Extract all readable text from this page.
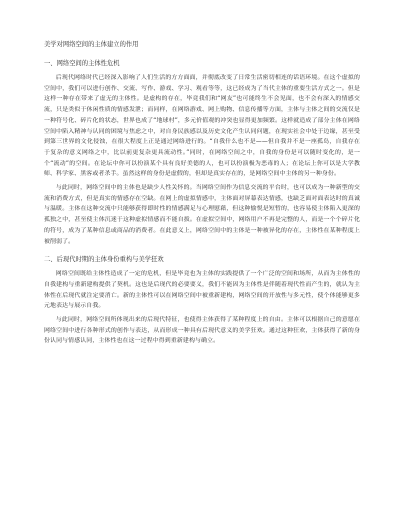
美学对网络空间的主体建立的作用
一、网络空间的主体性危机

后现代网络时代已经深入影响了人们生活的方方面面，并彻底改变了日常生活密切相连的话语环境。在这个虚拟的空间中，我们可以进行创作、交流、写作、游戏、学习、观看等等，这已经成为了当代主体的重要生活方式之一。但是这样一种存在带来了虚无的主体性。是虚构的存在，毕竟我们和“网友”也可能终生不会见面，也不会有深入的情感交流，只是类似于休闲性质的情感发泄；而同样，在网络游戏、网上购物、信息传播等方面，主体与主体之间的交流仅是一种符号化、碎片化的状态，世界也成了“地球村”，多元价值观的冲突也显得更加频繁。这样就造成了部分主体在网络空间中陷入精神与认同的困境与焦虑之中，对自身民族感以及历史文化产生认同问题，在现实社会中处于边缘，甚至受到第三世界的文化侵蚀，在很大程度上正是通过网络进行的。“自我什么也不是——但自我并不是一座孤岛，自我存在于复杂的意义网络之中，比以前更复杂更具流动性。”同时，在网络空间之中，自我的身份是可以随时变化的，是一个“流动”的空间。在论坛中你可以扮演某个具有良好美德的人，也可以扮演极为恶毒的人；在论坛上你可以是大学教师、科学家、黑客或者杀手。虽然这样的身份是虚假的，但却是真实存在的，是网络空间中主体的另一种身份。

与此同时，网络空间中的主体也是缺少人性关怀的。当网络空间作为信息交流的平台时，也可以成为一种新型的交流和消费方式，但是真实的情感存在空缺。在网上的虚拟情感中，主体面对屏幕表达情感，也缺乏面对面表达时的真诚与温暖。主体在这种交流中只能够获得即时性的情感满足与心理慰藉，但这种愉悦是短暂的，也容易使主体陷入更深的孤独之中，甚至使主体沉迷于这种虚拟情感而不能自拔。在虚拟空间中，网络用户不再是完整的人，而是一个个碎片化的符号，成为了某种信息或商品的消费者。在此意义上，网络空间中的主体是一种被异化的存在，主体性在某种程度上被削弱了。

二、后现代时期的主体身份重构与美学狂欢

网络空间既给主体性造成了一定的危机，但是毕竟也为主体的实践提供了一个广泛的空间和场所，从而为主体性的自我建构与重新建构提供了契机。这也是后现代的必要要义，我们不能因为主体性是伴随着现代性而产生的，就认为主体性在后现代就注定要消亡。新的主体性可以在网络空间中被重新建构，网络空间的开放性与多元性，使个体能够更多元地表达与展示自我。

与此同时，网络空间所体现出来的后现代特征，也使得主体获得了某种程度上的自由。主体可以根据自己的意愿在网络空间中进行各种形式的创作与表达，从而形成一种具有后现代意义的美学狂欢。通过这种狂欢，主体获得了新的身份认同与情感认同，主体性也在这一过程中得到重新建构与确立。
